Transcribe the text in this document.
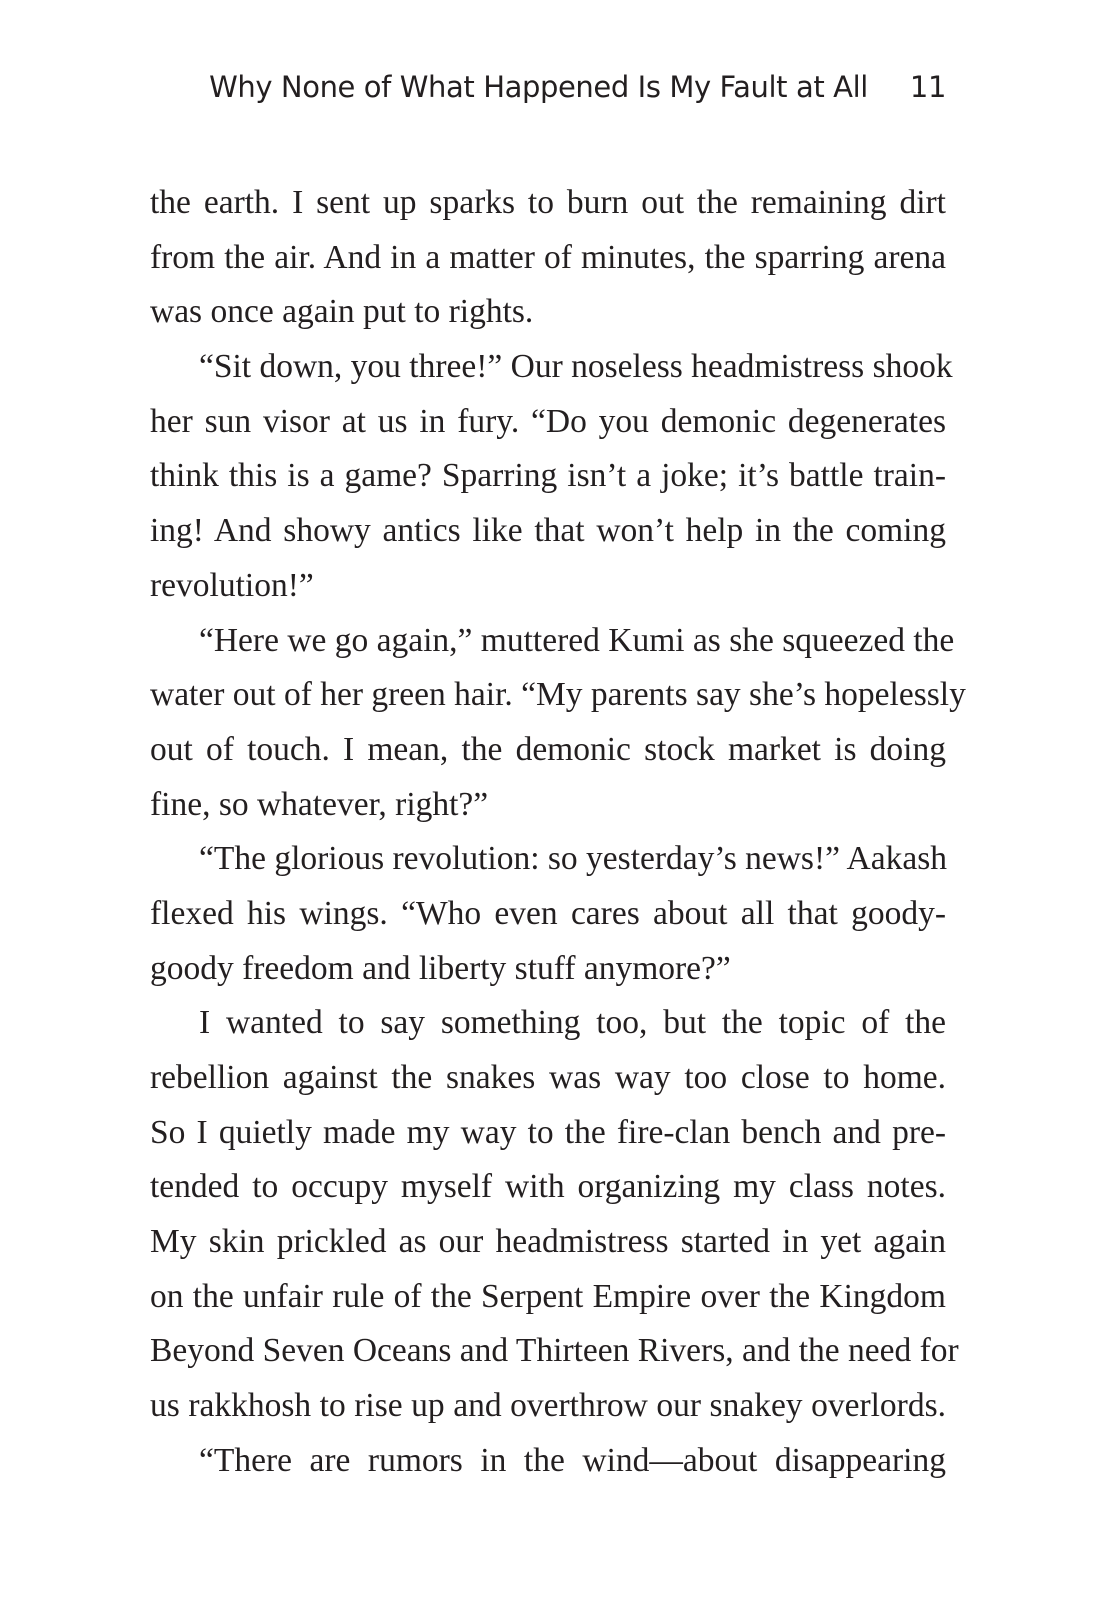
Why None of What Happened Is My Fault at All 11
the earth. I sent up sparks to burn out the remaining dirt
from the air. And in a matter of minutes, the sparring arena
was once again put to rights.
“Sit down, you three!” Our noseless headmistress shook
her sun visor at us in fury. “Do you demonic degenerates
think this is a game? Sparring isn’t a joke; it’s battle train-
ing! And showy antics like that won’t help in the coming
revolution!”
“Here we go again,” muttered Kumi as she squeezed the
water out of her green hair. “My parents say she’s hopelessly
out of touch. I mean, the demonic stock market is doing
fine, so whatever, right?”
“The glorious revolution: so yesterday’s news!” Aakash
flexed his wings. “Who even cares about all that goody-
goody freedom and liberty stuff anymore?”
I wanted to say something too, but the topic of the
rebellion against the snakes was way too close to home.
So I quietly made my way to the fire-clan bench and pre-
tended to occupy myself with organizing my class notes.
My skin prickled as our headmistress started in yet again
on the unfair rule of the Serpent Empire over the Kingdom
Beyond Seven Oceans and Thirteen Rivers, and the need for
us rakkhosh to rise up and overthrow our snakey overlords.
“There are rumors in the wind—about disappearing
